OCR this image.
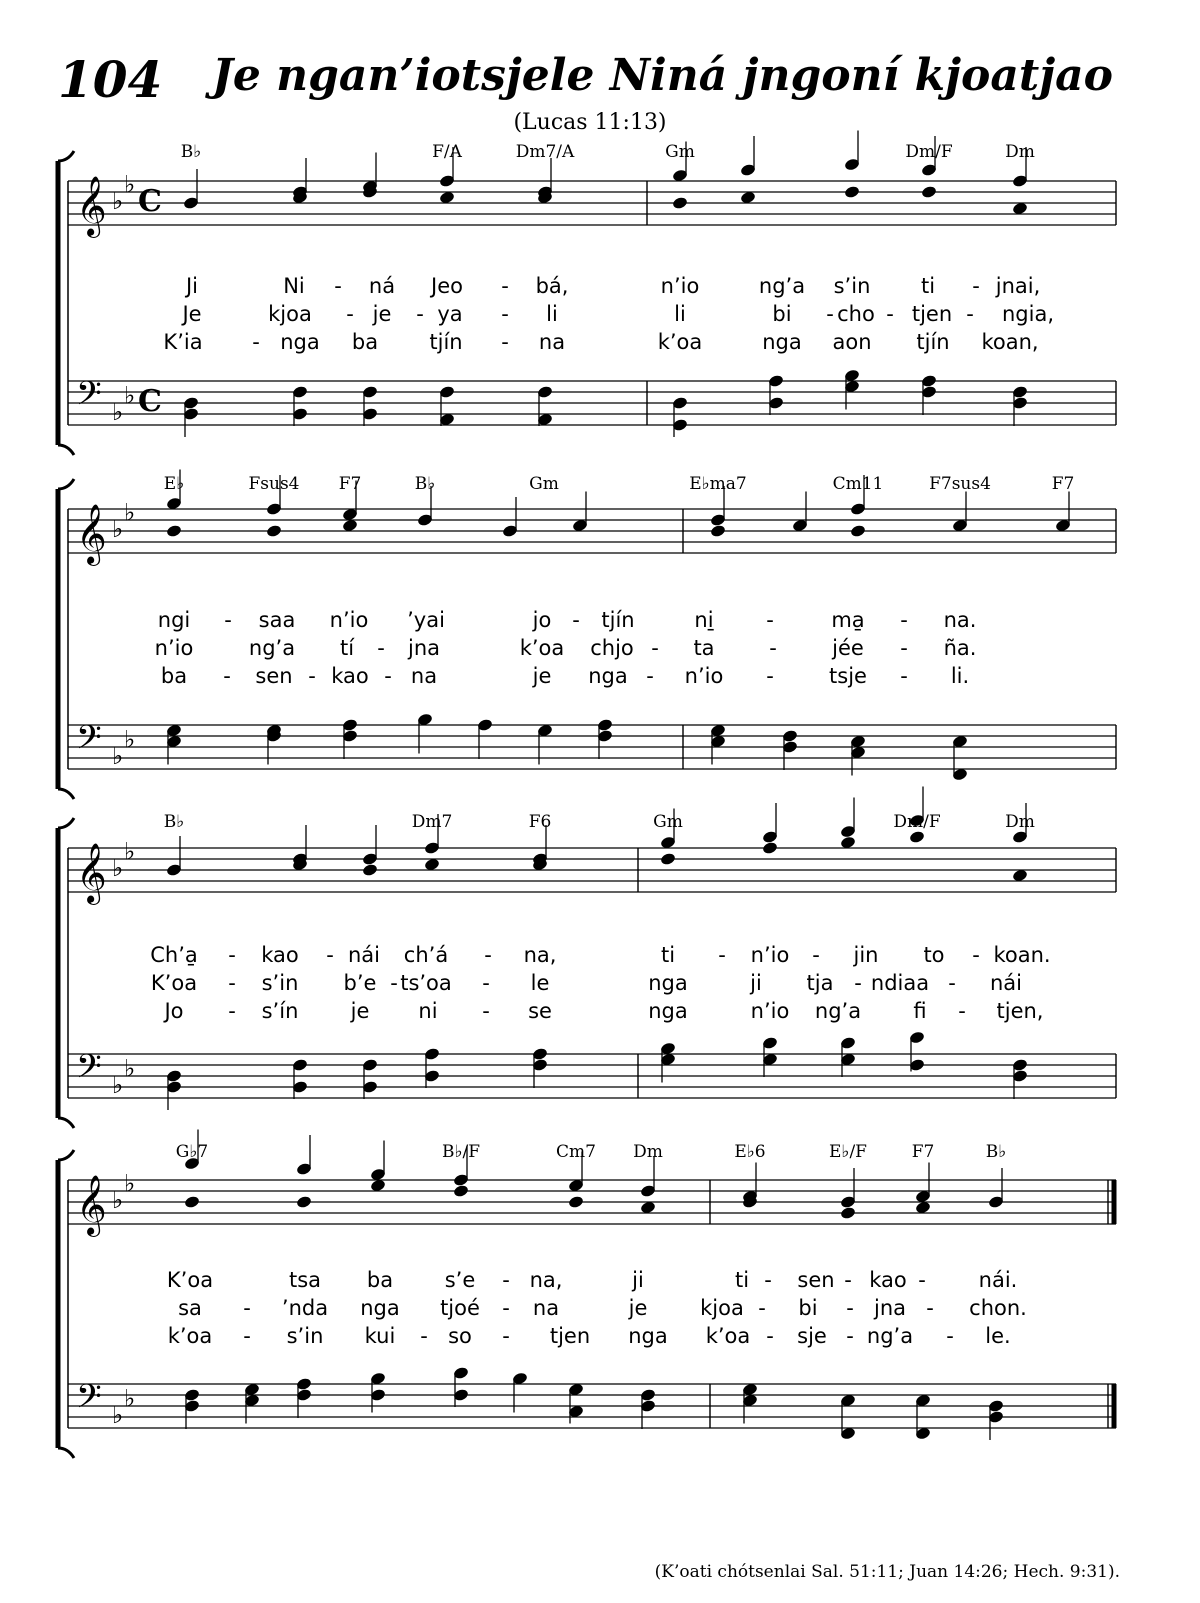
104 Je ngan’iotsjele Niná jngoní kjoatjao
(Lucas 11:13)
𝄞
𝄢
♭
♭
♭
♭
C
C
𝄞
𝄢
♭
♭
♭
♭
𝄞
𝄢
♭
♭
♭
♭
𝄞
𝄢
♭
♭
♭
♭
B♭	F/A	Dm7/A	Gm	Dm/F	Dm
Ji	Ni - ná Jeo - bá,	n’io	ng’a s’in ti - jnai,
Je	kjoa - je - ya - li	li	bi - cho - tjen - ngia,
K’ia - nga ba tjín - na	k’oa	nga aon tjín koan,
E♭	Fsus4 F7	B♭	Gm	E♭ma7	Cm11	F7sus4	F7
ngi - saa n’io ’yai	jo - tjín	ni̱	-	ma̱ - na.
n’io	ng’a tí - jna	k’oa chjo - ta	-	jée - ña.
ba - sen - kao - na	je nga - n’io -	tsje - li.
B♭	Dm7	F6	Gm	Dm/F	Dm
Ch’a̱ - kao - nái ch’á - na,	ti - n’io - jin to - koan.
K’oa - s’in b’e - ts’oa - le	nga	ji tja - ndiaa - nái
Jo - s’ín je ni - se	nga	n’io ng’a fi - tjen,
G♭7	B♭/F	Cm7 Dm	E♭6	E♭/F	F7	B♭
K’oa	tsa ba s’e - na,	ji	ti - sen - kao -	nái.
sa - ’nda nga tjoé - na	je	kjoa - bi - jna - chon.
k’oa - s’in kui - so - tjen nga k’oa - sje - ng’a - le.
(K’oati chótsenlai Sal. 51:11; Juan 14:26; Hech. 9:31).
